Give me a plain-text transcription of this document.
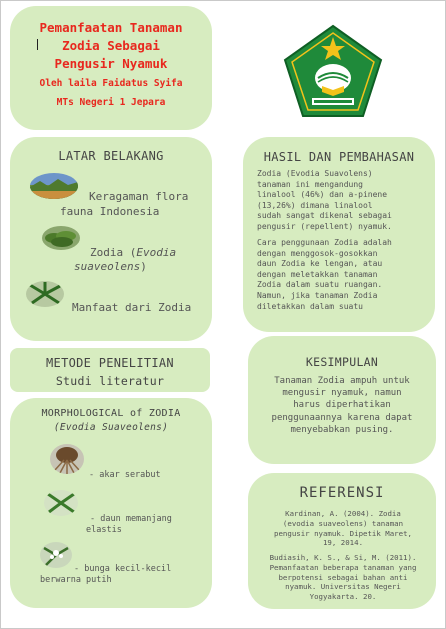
Pemanfaatan Tanaman
Zodia Sebagai
Pengusir Nyamuk
Oleh laila Faidatus Syifa
MTs Negeri 1 Jepara
LATAR BELAKANG
Keragaman flora
fauna Indonesia
Zodia (Evodia
suaveolens)
Manfaat dari Zodia
HASIL DAN PEMBAHASAN
Zodia (Evodia Suavolens)
tanaman ini mengandung
linalool (46%) dan a-pinene
(13,26%) dimana linalool
sudah sangat dikenal sebagai
pengusir (repellent) nyamuk.
Cara penggunaan Zodia adalah
dengan menggosok-gosokkan
daun Zodia ke lengan, atau
dengan meletakkan tanaman
Zodia dalam suatu ruangan.
Namun, jika tanaman Zodia
diletakkan dalam suatu
METODE PENELITIAN
Studi literatur
MORPHOLOGICAL of ZODIA
(Evodia Suaveolens)
- akar serabut
- daun memanjang
elastis
- bunga kecil-kecil
berwarna putih
KESIMPULAN
Tanaman Zodia ampuh untuk
mengusir nyamuk, namun
harus diperhatikan
penggunaannya karena dapat
menyebabkan pusing.
REFERENSI
Kardinan, A. (2004). Zodia
(evodia suaveolens) tanaman
pengusir nyamuk. Dipetik Maret,
19, 2014.
Budiasih, K. S., & Si, M. (2011).
Pemanfaatan beberapa tanaman yang
berpotensi sebagai bahan anti
nyamuk. Universitas Negeri
Yogyakarta. 20.
